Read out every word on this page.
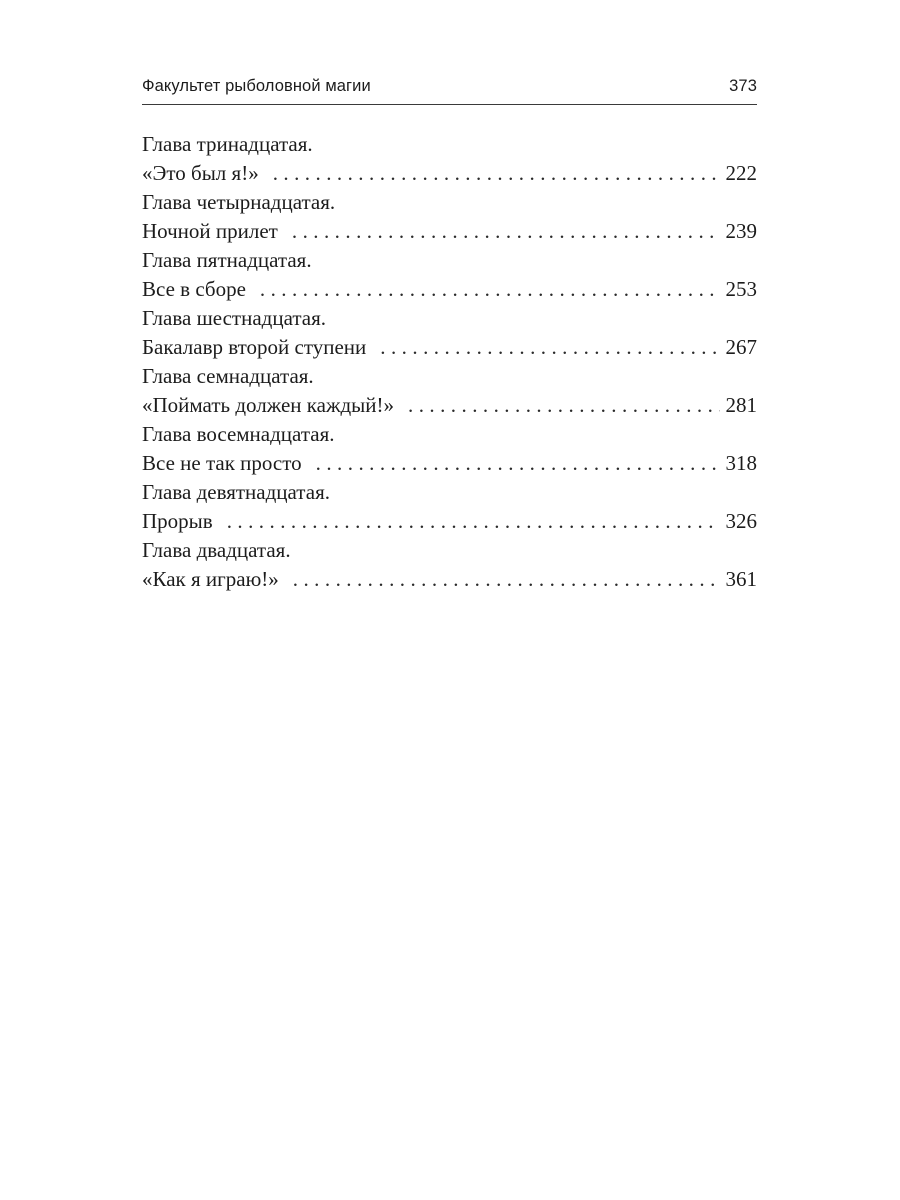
Факультет рыболовной магии	373
Глава тринадцатая.
«Это был я!» . . .	222
Глава четырнадцатая.
Ночной прилет . . .	239
Глава пятнадцатая.
Все в сборе . . .	253
Глава шестнадцатая.
Бакалавр второй ступени . . .	267
Глава семнадцатая.
«Поймать должен каждый!» . . .	281
Глава восемнадцатая.
Все не так просто . . .	318
Глава девятнадцатая.
Прорыв . . .	326
Глава двадцатая.
«Как я играю!» . . .	361
